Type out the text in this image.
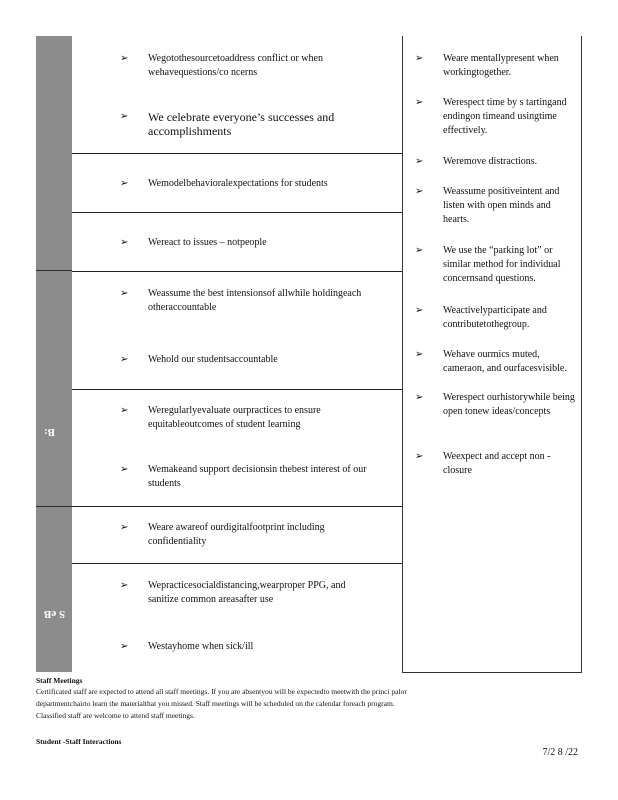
B:
S eB
➢ Wegotothesourcetoaddress conflict or when wehavequestions/co ncerns
➢ We celebrate everyone’s successes and accomplishments
➢ Wemodelbehavioralexpectations for students
➢ Wereact to issues – notpeople
➢ Weassume the best intensionsof allwhile holdingeach otheraccountable
➢ Wehold our studentsaccountable
➢ Weregularlyevaluate ourpractices to ensure equitableoutcomes of student learning
➢ Wemakeand support decisionsin thebest interest of our students
➢ Weare awareof ourdigitalfootprint including confidentiality
➢ Wepracticesocialdistancing,wearproper PPG, and sanitize common areasafter use
➢ Westayhome when sick/ill
➢ Weare mentallypresent when workingtogether.
➢ Werespect time by s tartingand endingon timeand usingtime effectively.
➢ Weremove distractions.
➢ Weassume positiveintent and listen with open minds and hearts.
➢ We use the “parking lot” or similar method for individual concernsand questions.
➢ Weactivelyparticipate and contributetothegroup.
➢ Wehave ourmics muted, cameraon, and ourfacesvisible.
➢ Werespect ourhistorywhile being open tonew ideas/concepts
➢ Weexpect and accept non - closure
Staff Meetings
Certificated staff are expected to attend all staff meetings. If you are absentyou will be expectedto meetwith the princi palor
departmentchairto learn the materialthat you missed. Staff meetings will be scheduled on the calendar foreach program.
Classified staff are welcome to attend staff meetings.
Student -Staff Interactions
7/2 8 /22
